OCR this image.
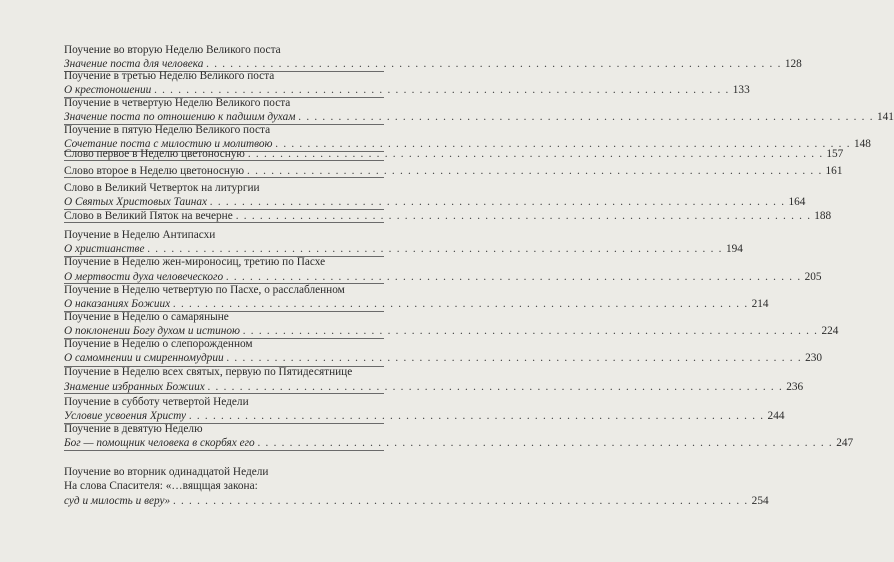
Поучение во вторую Неделю Великого поста
Значение поста для человека . . .	128
Поучение в третью Неделю Великого поста
О крестоношении . . .	133
Поучение в четвертую Неделю Великого поста
Значение поста по отношению к падшим духам . . .	141
Поучение в пятую Неделю Великого поста
Сочетание поста с милостию и молитвою . . .	148
Слово первое в Неделю цветоносную . . .	157
Слово второе в Неделю цветоносную . . .	161
Слово в Великий Четверток на литургии
О Святых Христовых Таинах . . .	164
Слово в Великий Пяток на вечерне . . .	188
Поучение в Неделю Антипасхи
О христианстве . . .	194
Поучение в Неделю жен-мироносиц, третию по Пасхе
О мертвости духа человеческого . . .	205
Поучение в Неделю четвертую по Пасхе, о расслабленном
О наказаниях Божиих . . .	214
Поучение в Неделю о самаряныне
О поклонении Богу духом и истиною . . .	224
Поучение в Неделю о слепорожденном
О самомнении и смиренномудрии . . .	230
Поучение в Неделю всех святых, первую по Пятидесятнице
Знамение избранных Божиих . . .	236
Поучение в субботу четвертой Недели
Условие усвоения Христу . . .	244
Поучение в девятую Неделю
Бог — помощник человека в скорбях его . . .	247
Поучение во вторник одинадцатой Недели
На слова Спасителя: «…вящщая закона:
суд и милость и веру» . . .	254
